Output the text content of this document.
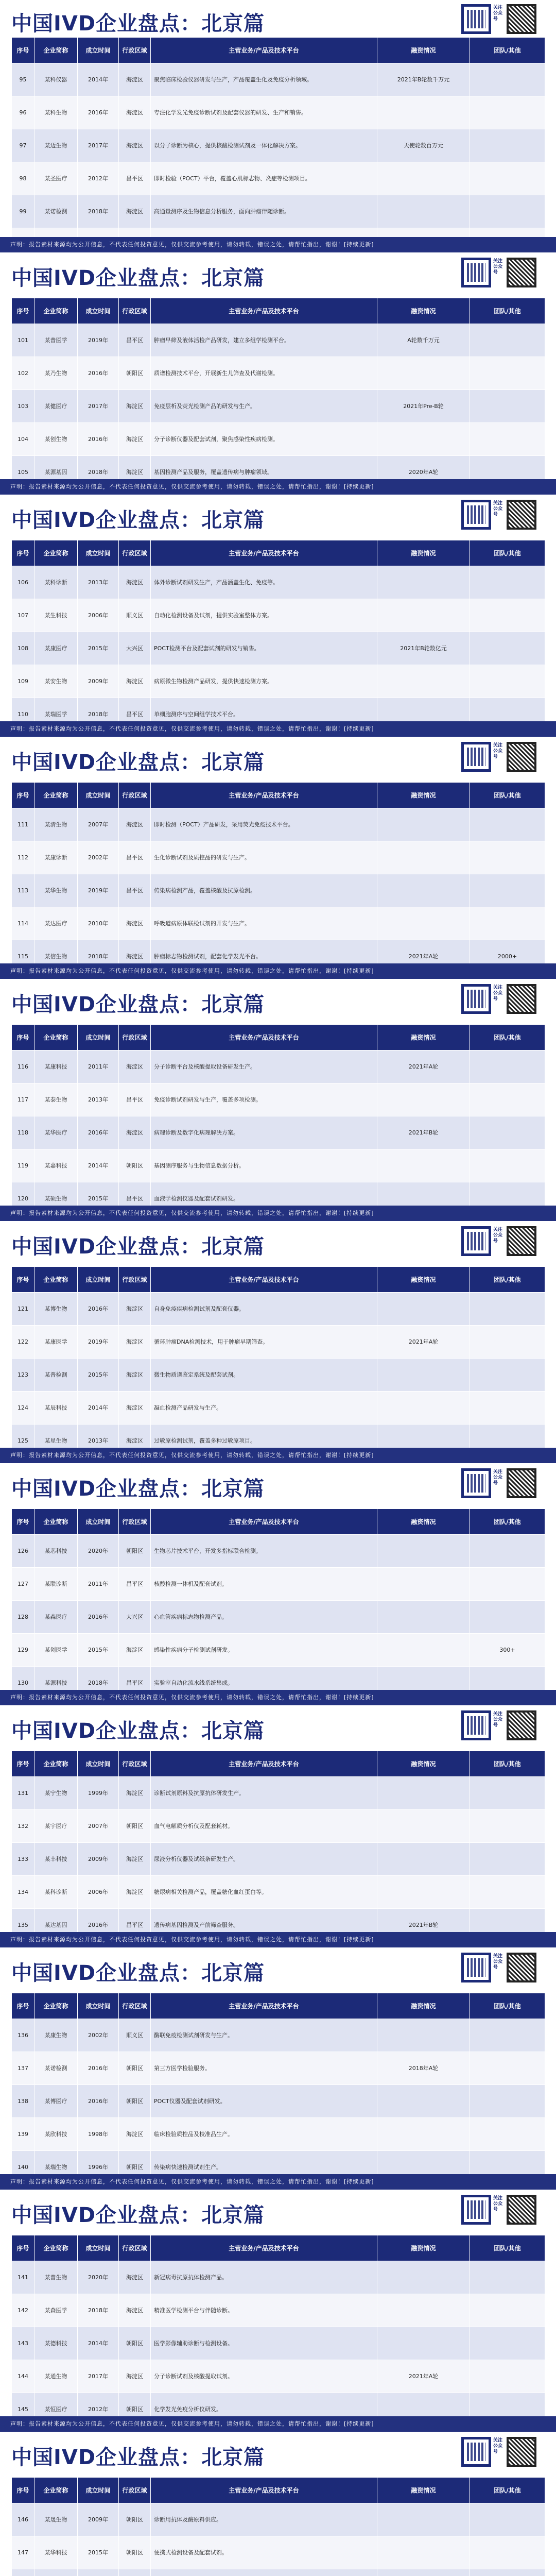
中国IVD企业盘点：北京篇
关注公众号
序号	企业简称	成立时间	行政区域	主营业务/产品及技术平台	融资情况	团队/其他
95	某科仪器	2014年	海淀区	聚焦临床检验仪器研发与生产，产品覆盖生化及免疫分析领域。	2021年B轮数千万元	
96	某科生物	2016年	海淀区	专注化学发光免疫诊断试剂及配套仪器的研发、生产和销售。		
97	某迈生物	2017年	海淀区	以分子诊断为核心，提供核酸检测试剂及一体化解决方案。	天使轮数百万元	
98	某圣医疗	2012年	昌平区	即时检验（POCT）平台，覆盖心肌标志物、炎症等检测项目。		
99	某诺检测	2018年	海淀区	高通量测序及生物信息分析服务，面向肿瘤伴随诊断。		

声明：报告素材来源均为公开信息，不代表任何投资意见，仅供交流参考使用，请勿转载，错误之处，请帮忙指出，谢谢！[持续更新]
中国IVD企业盘点：北京篇
关注公众号
序号	企业简称	成立时间	行政区域	主营业务/产品及技术平台	融资情况	团队/其他
101	某普医学	2019年	昌平区	肿瘤早筛及液体活检产品研发，建立多组学检测平台。	A轮数千万元	
102	某乃生物	2016年	朝阳区	质谱检测技术平台，开展新生儿筛查及代谢检测。		
103	某健医疗	2017年	海淀区	免疫层析及荧光检测产品的研发与生产。	2021年Pre-B轮	
104	某创生物	2016年	海淀区	分子诊断仪器及配套试剂，聚焦感染性疾病检测。		
105	某源基因	2018年	海淀区	基因检测产品及服务，覆盖遗传病与肿瘤领域。	2020年A轮	
声明：报告素材来源均为公开信息，不代表任何投资意见，仅供交流参考使用，请勿转载，错误之处，请帮忙指出，谢谢！[持续更新]
中国IVD企业盘点：北京篇
关注公众号
序号	企业简称	成立时间	行政区域	主营业务/产品及技术平台	融资情况	团队/其他
106	某科诊断	2013年	海淀区	体外诊断试剂研发生产，产品涵盖生化、免疫等。		
107	某生科技	2006年	顺义区	自动化检测设备及试剂，提供实验室整体方案。		
108	某康医疗	2015年	大兴区	POCT检测平台及配套试剂的研发与销售。	2021年B轮数亿元	
109	某安生物	2009年	海淀区	病原微生物检测产品研发，提供快速检测方案。		
110	某瑞医学	2018年	昌平区	单细胞测序与空间组学技术平台。		
声明：报告素材来源均为公开信息，不代表任何投资意见，仅供交流参考使用，请勿转载，错误之处，请帮忙指出，谢谢！[持续更新]
中国IVD企业盘点：北京篇
关注公众号
序号	企业简称	成立时间	行政区域	主营业务/产品及技术平台	融资情况	团队/其他
111	某清生物	2007年	海淀区	即时检测（POCT）产品研发，采用荧光免疫技术平台。		
112	某康诊断	2002年	昌平区	生化诊断试剂及质控品的研发与生产。		
113	某华生物	2019年	昌平区	传染病检测产品，覆盖核酸及抗原检测。		
114	某达医疗	2010年	海淀区	呼吸道病原体联检试剂的开发与生产。		
115	某信生物	2018年	海淀区	肿瘤标志物检测试剂，配套化学发光平台。	2021年A轮	2000+
声明：报告素材来源均为公开信息，不代表任何投资意见，仅供交流参考使用，请勿转载，错误之处，请帮忙指出，谢谢！[持续更新]
中国IVD企业盘点：北京篇
关注公众号
序号	企业简称	成立时间	行政区域	主营业务/产品及技术平台	融资情况	团队/其他
116	某康科技	2011年	海淀区	分子诊断平台及核酸提取设备研发生产。	2021年A轮	
117	某泰生物	2013年	昌平区	免疫诊断试剂研发与生产，覆盖多项检测。		
118	某华医疗	2016年	海淀区	病理诊断及数字化病理解决方案。	2021年B轮	
119	某嘉科技	2014年	朝阳区	基因测序服务与生物信息数据分析。		
120	某硕生物	2015年	昌平区	血液学检测仪器及配套试剂研发。		
声明：报告素材来源均为公开信息，不代表任何投资意见，仅供交流参考使用，请勿转载，错误之处，请帮忙指出，谢谢！[持续更新]
中国IVD企业盘点：北京篇
关注公众号
序号	企业简称	成立时间	行政区域	主营业务/产品及技术平台	融资情况	团队/其他
121	某博生物	2016年	海淀区	自身免疫疾病检测试剂及配套仪器。		
122	某康医学	2019年	海淀区	循环肿瘤DNA检测技术，用于肿瘤早期筛查。	2021年A轮	
123	某普检测	2015年	海淀区	微生物质谱鉴定系统及配套试剂。		
124	某辰科技	2014年	海淀区	凝血检测产品研发与生产。		
125	某星生物	2013年	海淀区	过敏原检测试剂，覆盖多种过敏原项目。		
声明：报告素材来源均为公开信息，不代表任何投资意见，仅供交流参考使用，请勿转载，错误之处，请帮忙指出，谢谢！[持续更新]
中国IVD企业盘点：北京篇
关注公众号
序号	企业简称	成立时间	行政区域	主营业务/产品及技术平台	融资情况	团队/其他
126	某芯科技	2020年	朝阳区	生物芯片技术平台，开发多指标联合检测。		
127	某联诊断	2011年	昌平区	核酸检测一体机及配套试剂。		
128	某森医疗	2016年	大兴区	心血管疾病标志物检测产品。		
129	某创医学	2015年	海淀区	感染性疾病分子检测试剂研发。		300+
130	某源科技	2018年	昌平区	实验室自动化流水线系统集成。		
声明：报告素材来源均为公开信息，不代表任何投资意见，仅供交流参考使用，请勿转载，错误之处，请帮忙指出，谢谢！[持续更新]
中国IVD企业盘点：北京篇
关注公众号
序号	企业简称	成立时间	行政区域	主营业务/产品及技术平台	融资情况	团队/其他
131	某宁生物	1999年	海淀区	诊断试剂原料及抗原抗体研发生产。		
132	某宇医疗	2007年	朝阳区	血气电解质分析仪及配套耗材。		
133	某丰科技	2009年	海淀区	尿液分析仪器及试纸条研发生产。		
134	某科诊断	2006年	海淀区	糖尿病相关检测产品，覆盖糖化血红蛋白等。		
135	某达基因	2016年	昌平区	遗传病基因检测及产前筛查服务。	2021年B轮	
声明：报告素材来源均为公开信息，不代表任何投资意见，仅供交流参考使用，请勿转载，错误之处，请帮忙指出，谢谢！[持续更新]
中国IVD企业盘点：北京篇
关注公众号
序号	企业简称	成立时间	行政区域	主营业务/产品及技术平台	融资情况	团队/其他
136	某康生物	2002年	顺义区	酶联免疫检测试剂研发与生产。		
137	某诺检测	2016年	朝阳区	第三方医学检验服务。	2018年A轮	
138	某博医疗	2016年	朝阳区	POCT仪器及配套试剂研发。		
139	某欣科技	1998年	海淀区	临床检验质控品及校准品生产。		
140	某瑞生物	1996年	朝阳区	传染病快速检测试剂生产。		
声明：报告素材来源均为公开信息，不代表任何投资意见，仅供交流参考使用，请勿转载，错误之处，请帮忙指出，谢谢！[持续更新]
中国IVD企业盘点：北京篇
关注公众号
序号	企业简称	成立时间	行政区域	主营业务/产品及技术平台	融资情况	团队/其他
141	某普生物	2020年	海淀区	新冠病毒抗原抗体检测产品。		
142	某森医学	2018年	海淀区	精准医学检测平台与伴随诊断。		
143	某德科技	2014年	朝阳区	医学影像辅助诊断与检测设备。		
144	某通生物	2017年	海淀区	分子诊断试剂及核酸提取试剂。	2021年A轮	
145	某恒医疗	2012年	朝阳区	化学发光免疫分析仪研发。		
声明：报告素材来源均为公开信息，不代表任何投资意见，仅供交流参考使用，请勿转载，错误之处，请帮忙指出，谢谢！[持续更新]
中国IVD企业盘点：北京篇
关注公众号
序号	企业简称	成立时间	行政区域	主营业务/产品及技术平台	融资情况	团队/其他
146	某晟生物	2009年	朝阳区	诊断用抗体及酶原料供应。		
147	某华科技	2015年	朝阳区	便携式检测设备及配套试剂。		
